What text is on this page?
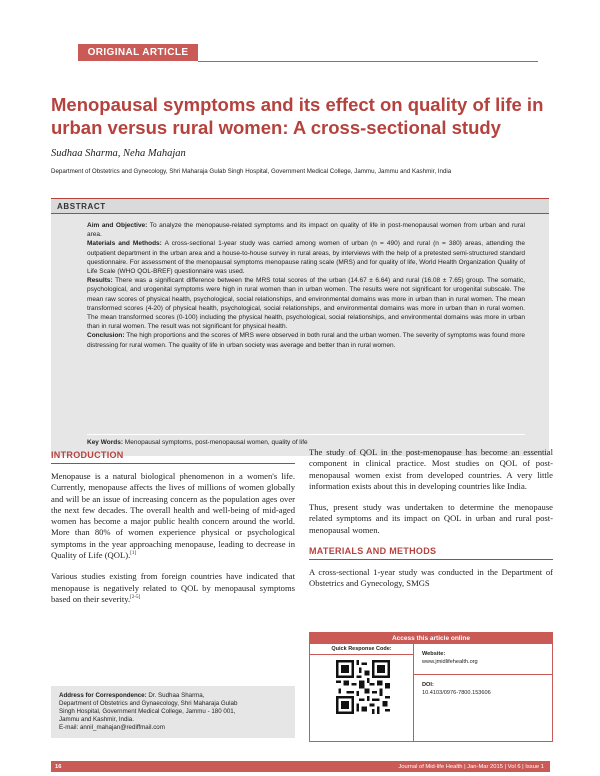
ORIGINAL ARTICLE
Menopausal symptoms and its effect on quality of life in urban versus rural women: A cross-sectional study
Sudhaa Sharma, Neha Mahajan
Department of Obstetrics and Gynecology, Shri Maharaja Gulab Singh Hospital, Government Medical College, Jammu, Jammu and Kashmir, India
ABSTRACT

Aim and Objective: To analyze the menopause-related symptoms and its impact on quality of life in post-menopausal women from urban and rural area.

Materials and Methods: A cross-sectional 1-year study was carried among women of urban (n = 490) and rural (n = 380) areas, attending the outpatient department in the urban area and a house-to-house survey in rural areas, by interviews with the help of a pretested semi-structured standard questionnaire. For assessment of the menopausal symptoms menopause rating scale (MRS) and for quality of life, World Health Organization Quality of Life Scale (WHO QOL-BREF) questionnaire was used.

Results: There was a significant difference between the MRS total scores of the urban (14.67 ± 6.64) and rural (16.08 ± 7.65) group. The somatic, psychological, and urogenital symptoms were high in rural women than in urban women. The results were not significant for urogenital subscale. The mean raw scores of physical health, psychological, social relationships, and environmental domains was more in urban than in rural women. The mean transformed scores (4-20) of physical health, psychological, social relationships, and environmental domains was more in urban than in rural women. The mean transformed scores (0-100) including the physical health, psychological, social relationships, and environmental domains was more in urban than in rural women. The result was not significant for physical health.

Conclusion: The high proportions and the scores of MRS were observed in both rural and the urban women. The severity of symptoms was found more distressing for rural women. The quality of life in urban society was average and better than in rural women.

Key Words: Menopausal symptoms, post-menopausal women, quality of life
INTRODUCTION

Menopause is a natural biological phenomenon in a women's life. Currently, menopause affects the lives of millions of women globally and will be an issue of increasing concern as the population ages over the next few decades. The overall health and well-being of mid-aged women has become a major public health concern around the world. More than 80% of women experience physical or psychological symptoms in the year approaching menopause, leading to decrease in Quality of Life (QOL).[1]

Various studies existing from foreign countries have indicated that menopause is negatively related to QOL by menopausal symptoms based on their severity.[2-5]

The study of QOL in the post-menopause has become an essential component in clinical practice. Most studies on QOL of post-menopausal women exist from developed countries. A very little information exists about this in developing countries like India.

Thus, present study was undertaken to determine the menopause related symptoms and its impact on QOL in urban and rural post-menopausal women.

MATERIALS AND METHODS

A cross-sectional 1-year study was conducted in the Department of Obstetrics and Gynecology, SMGS

Address for Correspondence: Dr. Sudhaa Sharma,
Department of Obstetrics and Gynaecology, Shri Maharaja Gulab
Singh Hospital, Government Medical College, Jammu - 180 001,
Jammu and Kashmir, India.
E-mail: annil_mahajan@rediffmail.com
Access this article online
Quick Response Code:
Website:
www.jmidlifehealth.org
DOI:
10.4103/0976-7800.153606
16	Journal of Mid-life Health | Jan-Mar 2015 | Vol 6 | Issue 1
